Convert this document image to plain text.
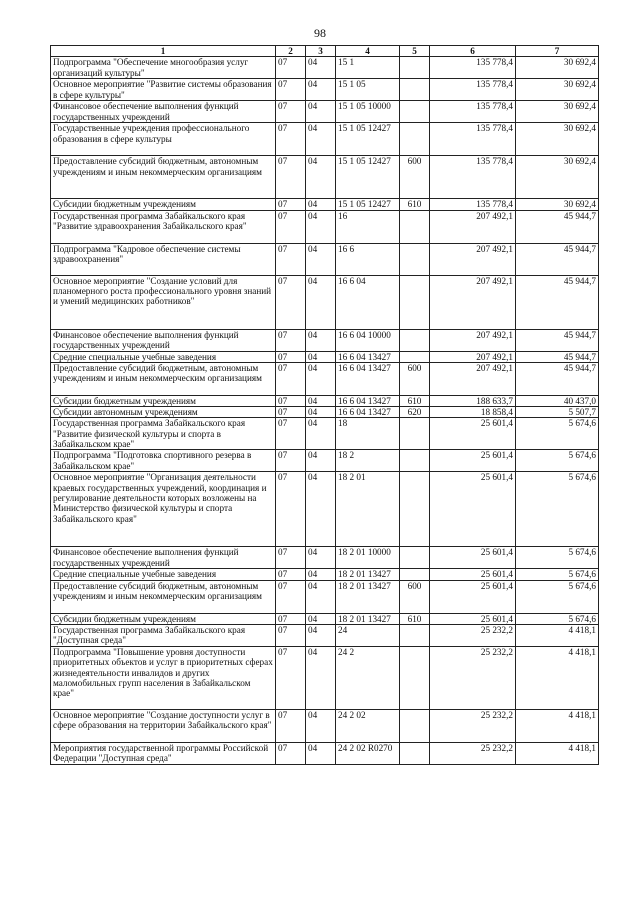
98
1	2	3	4	5	6	7
Подпрограмма "Обеспечение многообразия услуг организаций культуры"	07	04	15 1		135 778,4	30 692,4
Основное мероприятие "Развитие системы образования в сфере культуры"	07	04	15 1 05		135 778,4	30 692,4
Финансовое обеспечение выполнения функций государственных учреждений	07	04	15 1 05 10000		135 778,4	30 692,4
Государственные учреждения профессионального образования в сфере культуры	07	04	15 1 05 12427		135 778,4	30 692,4
Предоставление субсидий бюджетным, автономным учреждениям и иным некоммерческим организациям	07	04	15 1 05 12427	600	135 778,4	30 692,4
Субсидии бюджетным учреждениям	07	04	15 1 05 12427	610	135 778,4	30 692,4
Государственная программа Забайкальского края "Развитие здравоохранения Забайкальского края"	07	04	16		207 492,1	45 944,7
Подпрограмма "Кадровое обеспечение системы здравоохранения"	07	04	16 6		207 492,1	45 944,7
Основное мероприятие "Создание условий для планомерного роста профессионального уровня знаний и умений медицинских работников"	07	04	16 6 04		207 492,1	45 944,7
Финансовое обеспечение выполнения функций государственных учреждений	07	04	16 6 04 10000		207 492,1	45 944,7
Средние специальные учебные заведения	07	04	16 6 04 13427		207 492,1	45 944,7
Предоставление субсидий бюджетным, автономным учреждениям и иным некоммерческим организациям	07	04	16 6 04 13427	600	207 492,1	45 944,7
Субсидии бюджетным учреждениям	07	04	16 6 04 13427	610	188 633,7	40 437,0
Субсидии автономным учреждениям	07	04	16 6 04 13427	620	18 858,4	5 507,7
Государственная программа Забайкальского края "Развитие физической культуры и спорта в Забайкальском крае"	07	04	18		25 601,4	5 674,6
Подпрограмма "Подготовка спортивного резерва в Забайкальском крае"	07	04	18 2		25 601,4	5 674,6
Основное мероприятие "Организация деятельности краевых государственных учреждений, координация и регулирование деятельности которых возложены на Министерство физической культуры и спорта Забайкальского края"	07	04	18 2 01		25 601,4	5 674,6
Финансовое обеспечение выполнения функций государственных учреждений	07	04	18 2 01 10000		25 601,4	5 674,6
Средние специальные учебные заведения	07	04	18 2 01 13427		25 601,4	5 674,6
Предоставление субсидий бюджетным, автономным учреждениям и иным некоммерческим организациям	07	04	18 2 01 13427	600	25 601,4	5 674,6
Субсидии бюджетным учреждениям	07	04	18 2 01 13427	610	25 601,4	5 674,6
Государственная программа Забайкальского края "Доступная среда"	07	04	24		25 232,2	4 418,1
Подпрограмма "Повышение уровня доступности приоритетных объектов и услуг в приоритетных сферах жизнедеятельности инвалидов и других маломобильных групп населения в Забайкальском крае"	07	04	24 2		25 232,2	4 418,1
Основное мероприятие "Создание доступности услуг в сфере образования на территории Забайкальского края"	07	04	24 2 02		25 232,2	4 418,1
Мероприятия государственной программы Российской Федерации "Доступная среда"	07	04	24 2 02 R0270		25 232,2	4 418,1
